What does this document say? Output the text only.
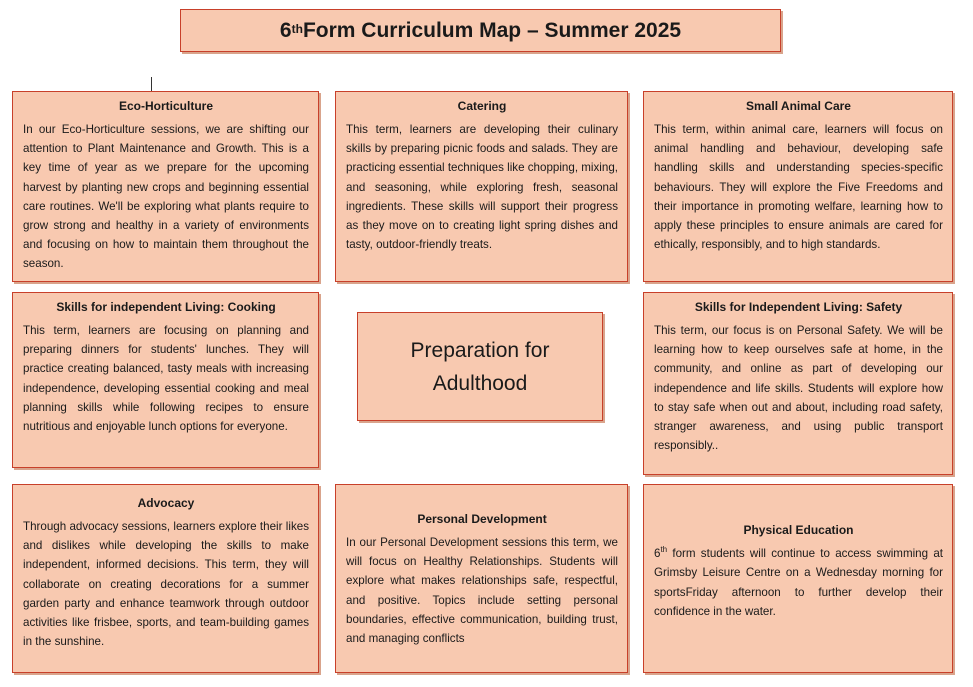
6th Form Curriculum Map – Summer 2025
Eco-Horticulture

In our Eco-Horticulture sessions, we are shifting our attention to Plant Maintenance and Growth. This is a key time of year as we prepare for the upcoming harvest by planting new crops and beginning essential care routines. We'll be exploring what plants require to grow strong and healthy in a variety of environments and focusing on how to maintain them throughout the season.

Catering

This term, learners are developing their culinary skills by preparing picnic foods and salads. They are practicing essential techniques like chopping, mixing, and seasoning, while exploring fresh, seasonal ingredients. These skills will support their progress as they move on to creating light spring dishes and tasty, outdoor-friendly treats.

Small Animal Care

This term, within animal care, learners will focus on animal handling and behaviour, developing safe handling skills and understanding species-specific behaviours. They will explore the Five Freedoms and their importance in promoting welfare, learning how to apply these principles to ensure animals are cared for ethically, responsibly, and to high standards.

Skills for independent Living: Cooking

This term, learners are focusing on planning and preparing dinners for students' lunches. They will practice creating balanced, tasty meals with increasing independence, developing essential cooking and meal planning skills while following recipes to ensure nutritious and enjoyable lunch options for everyone.

Preparation for
Adulthood
Skills for Independent Living: Safety

This term, our focus is on Personal Safety. We will be learning how to keep ourselves safe at home, in the community, and online as part of developing our independence and life skills. Students will explore how to stay safe when out and about, including road safety, stranger awareness, and using public transport responsibly..

Advocacy

Through advocacy sessions, learners explore their likes and dislikes while developing the skills to make independent, informed decisions. This term, they will collaborate on creating decorations for a summer garden party and enhance teamwork through outdoor activities like frisbee, sports, and team-building games in the sunshine.

Personal Development

In our Personal Development sessions this term, we will focus on Healthy Relationships. Students will explore what makes relationships safe, respectful, and positive. Topics include setting personal boundaries, effective communication, building trust, and managing conflicts

Physical Education

6th form students will continue to access swimming at Grimsby Leisure Centre on a Wednesday morning for sportsFriday afternoon to further develop their confidence in the water.
